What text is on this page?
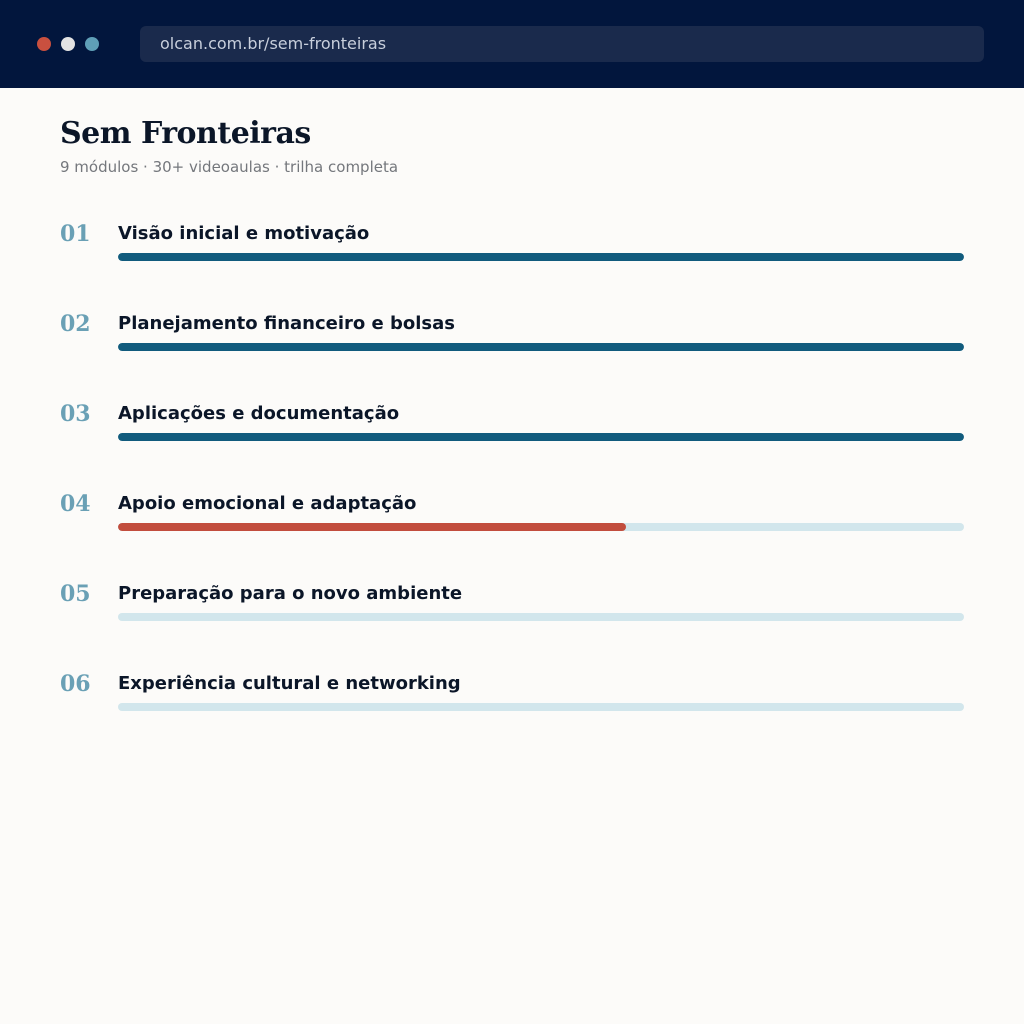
olcan.com.br/sem-fronteiras
Sem Fronteiras
9 módulos · 30+ videoaulas · trilha completa
01 Visão inicial e motivação
02 Planejamento financeiro e bolsas
03 Aplicações e documentação
04 Apoio emocional e adaptação
05 Preparação para o novo ambiente
06 Experiência cultural e networking
